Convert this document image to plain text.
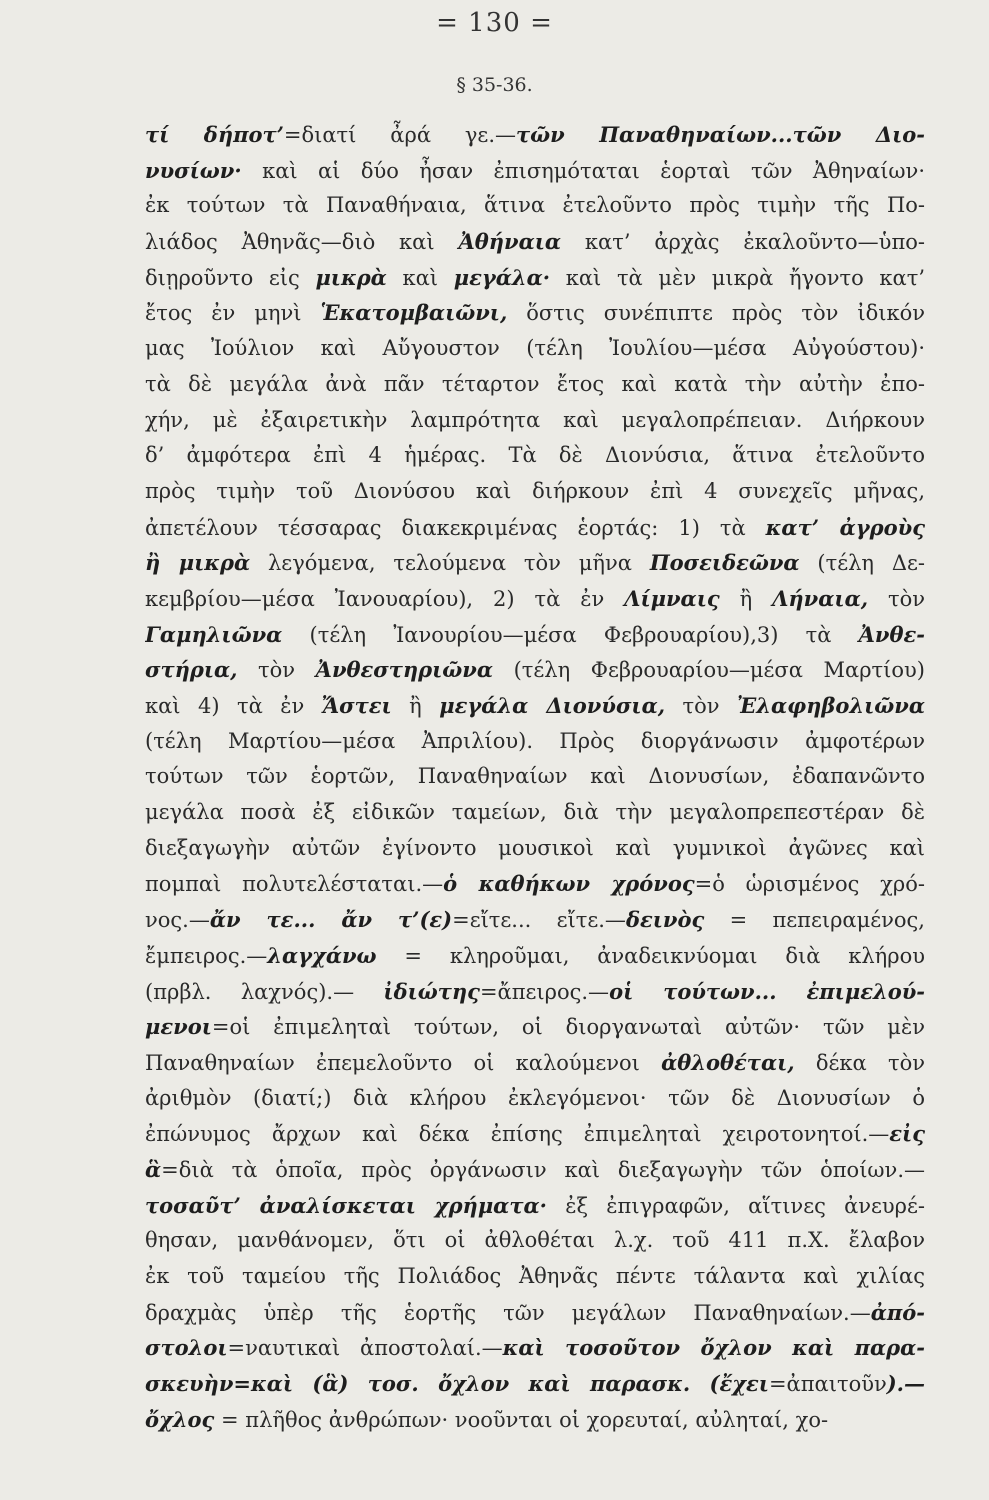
= 130 =
§ 35-36.
τί δήποτ’=διατί ἆρά γε.—τῶν Παναθηναίων...τῶν Διο-
νυσίων· καὶ αἱ δύο ἦσαν ἐπισημόταται ἑορταὶ τῶν Ἀθηναίων·
ἐκ τούτων τὰ Παναθήναια, ἅτινα ἐτελοῦντο πρὸς τιμὴν τῆς Πο-
λιάδος Ἀθηνᾶς—διὸ καὶ Ἀθήναια κατ’ ἀρχὰς ἐκαλοῦντο—ὑπο-
διῃροῦντο εἰς μικρὰ καὶ μεγάλα· καὶ τὰ μὲν μικρὰ ἤγοντο κατ’
ἔτος ἐν μηνὶ Ἑκατομβαιῶνι, ὅστις συνέπιπτε πρὸς τὸν ἰδικόν
μας Ἰούλιον καὶ Αὔγουστον (τέλη Ἰουλίου—μέσα Αὐγούστου)·
τὰ δὲ μεγάλα ἀνὰ πᾶν τέταρτον ἔτος καὶ κατὰ τὴν αὐτὴν ἐπο-
χήν, μὲ ἐξαιρετικὴν λαμπρότητα καὶ μεγαλοπρέπειαν. Διήρκουν
δ’ ἀμφότερα ἐπὶ 4 ἡμέρας. Τὰ δὲ Διονύσια, ἅτινα ἐτελοῦντο
πρὸς τιμὴν τοῦ Διονύσου καὶ διήρκουν ἐπὶ 4 συνεχεῖς μῆνας,
ἀπετέλουν τέσσαρας διακεκριμένας ἑορτάς: 1) τὰ κατ’ ἀγροὺς
ἢ μικρὰ λεγόμενα, τελούμενα τὸν μῆνα Ποσειδεῶνα (τέλη Δε-
κεμβρίου—μέσα Ἰανουαρίου), 2) τὰ ἐν Λίμναις ἢ Λήναια, τὸν
Γαμηλιῶνα (τέλη Ἰανουρίου—μέσα Φεβρουαρίου),3) τὰ Ἀνθε-
στήρια, τὸν Ἀνθεστηριῶνα (τέλη Φεβρουαρίου—μέσα Μαρτίου)
καὶ 4) τὰ ἐν Ἄστει ἢ μεγάλα Διονύσια, τὸν Ἐλαφηβολιῶνα
(τέλη Μαρτίου—μέσα Ἀπριλίου). Πρὸς διοργάνωσιν ἀμφοτέρων
τούτων τῶν ἑορτῶν, Παναθηναίων καὶ Διονυσίων, ἐδαπανῶντο
μεγάλα ποσὰ ἐξ εἰδικῶν ταμείων, διὰ τὴν μεγαλοπρεπεστέραν δὲ
διεξαγωγὴν αὐτῶν ἐγίνοντο μουσικοὶ καὶ γυμνικοὶ ἀγῶνες καὶ
πομπαὶ πολυτελέσταται.—ὁ καθήκων χρόνος=ὁ ὡρισμένος χρό-
νος.—ἄν τε... ἄν τ’(ε)=εἴτε... εἴτε.—δεινὸς = πεπειραμένος,
ἔμπειρος.—λαγχάνω = κληροῦμαι, ἀναδεικνύομαι διὰ κλήρου
(πρβλ. λαχνός).— ἰδιώτης=ἄπειρος.—οἱ τούτων... ἐπιμελού-
μενοι=οἱ ἐπιμεληταὶ τούτων, οἱ διοργανωταὶ αὐτῶν· τῶν μὲν
Παναθηναίων ἐπεμελοῦντο οἱ καλούμενοι ἀθλοθέται, δέκα τὸν
ἀριθμὸν (διατί;) διὰ κλήρου ἐκλεγόμενοι· τῶν δὲ Διονυσίων ὁ
ἐπώνυμος ἄρχων καὶ δέκα ἐπίσης ἐπιμεληταὶ χειροτονητοί.—εἰς
ἃ=διὰ τὰ ὁποῖα, πρὸς ὀργάνωσιν καὶ διεξαγωγὴν τῶν ὁποίων.—
τοσαῦτ’ ἀναλίσκεται χρήματα· ἐξ ἐπιγραφῶν, αἵτινες ἀνευρέ-
θησαν, μανθάνομεν, ὅτι οἱ ἀθλοθέται λ.χ. τοῦ 411 π.Χ. ἔλαβον
ἐκ τοῦ ταμείου τῆς Πολιάδος Ἀθηνᾶς πέντε τάλαντα καὶ χιλίας
δραχμὰς ὑπὲρ τῆς ἑορτῆς τῶν μεγάλων Παναθηναίων.—ἀπό-
στολοι=ναυτικαὶ ἀποστολαί.—καὶ τοσοῦτον ὄχλον καὶ παρα-
σκευὴν=καὶ (ἃ) τοσ. ὄχλον καὶ παρασκ. (ἔχει=ἀπαιτοῦν).—
ὄχλος = πλῆθος ἀνθρώπων· νοοῦνται οἱ χορευταί, αὐληταί, χο-
